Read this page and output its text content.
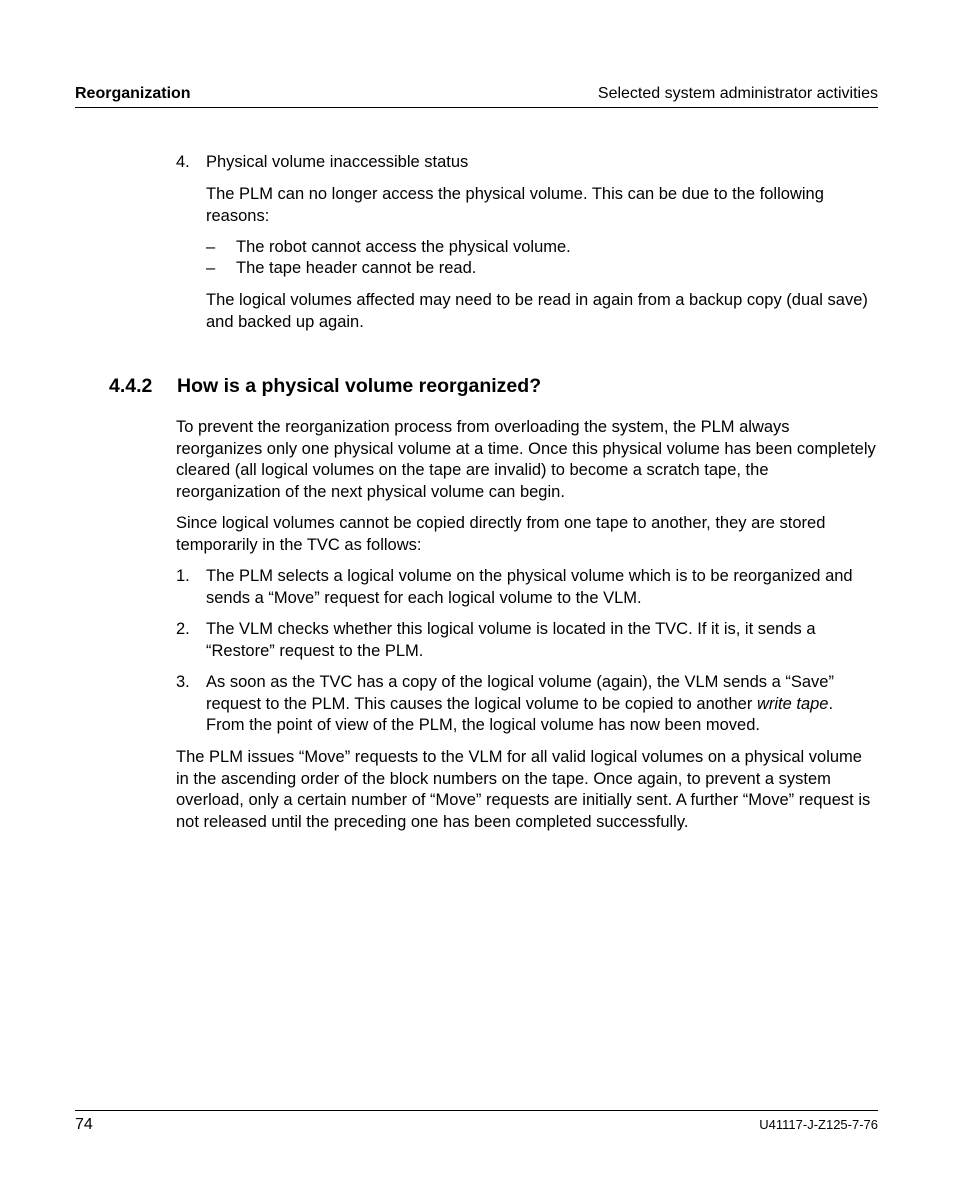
Reorganization	Selected system administrator activities
4. Physical volume inaccessible status

The PLM can no longer access the physical volume. This can be due to the following reasons:

– The robot cannot access the physical volume.
– The tape header cannot be read.

The logical volumes affected may need to be read in again from a backup copy (dual save) and backed up again.

4.4.2 How is a physical volume reorganized?

To prevent the reorganization process from overloading the system, the PLM always reorganizes only one physical volume at a time. Once this physical volume has been completely cleared (all logical volumes on the tape are invalid) to become a scratch tape, the reorganization of the next physical volume can begin.

Since logical volumes cannot be copied directly from one tape to another, they are stored temporarily in the TVC as follows:

1. The PLM selects a logical volume on the physical volume which is to be reorganized and sends a “Move” request for each logical volume to the VLM.
2. The VLM checks whether this logical volume is located in the TVC. If it is, it sends a “Restore” request to the PLM.
3. As soon as the TVC has a copy of the logical volume (again), the VLM sends a “Save” request to the PLM. This causes the logical volume to be copied to another write tape. From the point of view of the PLM, the logical volume has now been moved.

The PLM issues “Move” requests to the VLM for all valid logical volumes on a physical volume in the ascending order of the block numbers on the tape. Once again, to prevent a system overload, only a certain number of “Move” requests are initially sent. A further “Move” request is not released until the preceding one has been completed successfully.

74	U41117-J-Z125-7-76
